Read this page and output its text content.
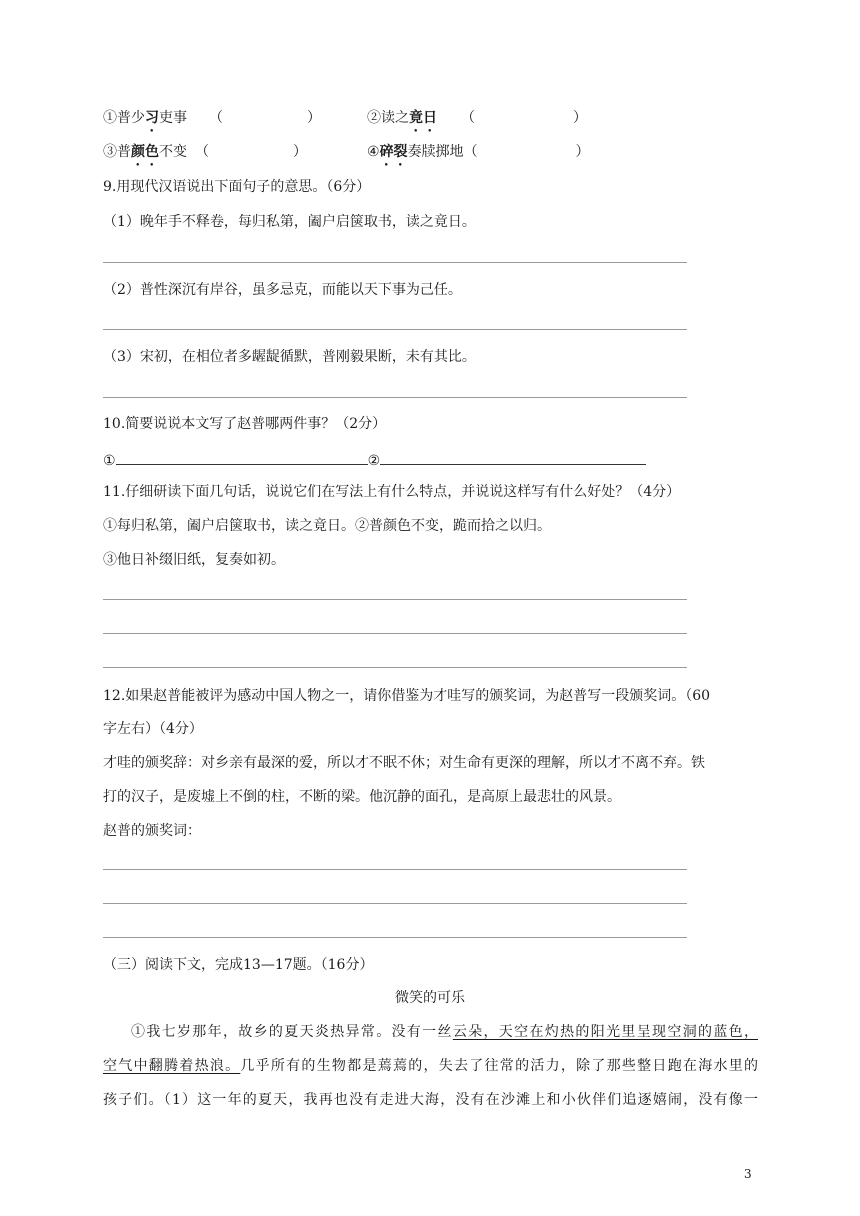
①普少习吏事 （　　　　　　）	②读之竟日 （　　　　　　　）
③普颜色不变 （　　　　　　）	④碎裂奏牍掷地（　　　　　　　）
9.用现代汉语说出下面句子的意思。（6分）
（1）晚年手不释卷，每归私第，阖户启箧取书，读之竟日。
（2）普性深沉有岸谷，虽多忌克，而能以天下事为己任。
（3）宋初，在相位者多龌龊循默，普刚毅果断，未有其比。
10.简要说说本文写了赵普哪两件事？（2分）
①	②
11.仔细研读下面几句话，说说它们在写法上有什么特点，并说说这样写有什么好处？（4分）
①每归私第，阖户启箧取书，读之竟日。②普颜色不变，跪而拾之以归。
③他日补缀旧纸，复奏如初。
12.如果赵普能被评为感动中国人物之一，请你借鉴为才哇写的颁奖词，为赵普写一段颁奖词。（60
字左右）（4分）
才哇的颁奖辞：对乡亲有最深的爱，所以才不眠不休；对生命有更深的理解，所以才不离不弃。铁
打的汉子，是废墟上不倒的柱，不断的梁。他沉静的面孔，是高原上最悲壮的风景。
赵普的颁奖词：
（三）阅读下文，完成13—17题。（16分）
微笑的可乐
①我七岁那年，故乡的夏天炎热异常。没有一丝云朵，天空在灼热的阳光里呈现空洞的蓝色，
空气中翻腾着热浪。几乎所有的生物都是蔫蔫的，失去了往常的活力，除了那些整日跑在海水里的
孩子们。（1）这一年的夏天，我再也没有走进大海，没有在沙滩上和小伙伴们追逐嬉闹，没有像一
3
